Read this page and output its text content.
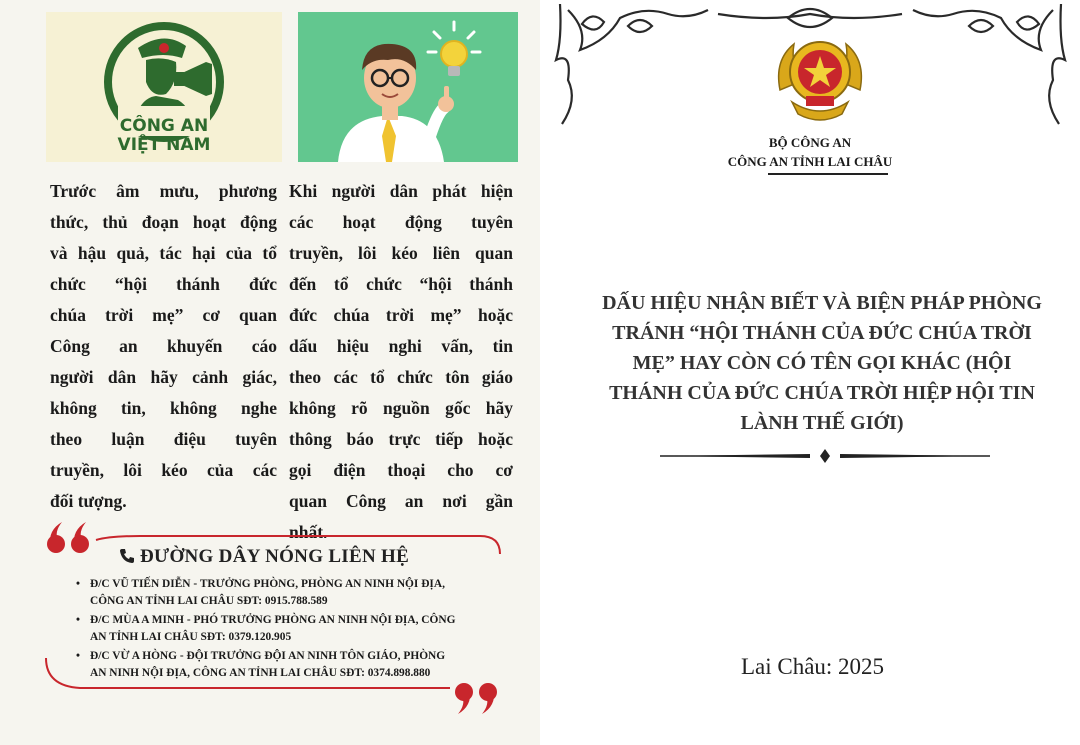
CÔNG AN
VIỆT NAM
Trước âm mưu, phương
thức, thủ đoạn hoạt động
và hậu quả, tác hại của tổ
chức “hội thánh đức
chúa trời mẹ” cơ quan
Công an khuyến cáo
người dân hãy cảnh giác,
không tin, không nghe
theo luận điệu tuyên
truyền, lôi kéo của các
đối tượng.
Khi người dân phát hiện
các hoạt động tuyên
truyền, lôi kéo liên quan
đến tổ chức “hội thánh
đức chúa trời mẹ” hoặc
dấu hiệu nghi vấn, tin
theo các tổ chức tôn giáo
không rõ nguồn gốc hãy
thông báo trực tiếp hoặc
gọi điện thoại cho cơ
quan Công an nơi gần
nhất.
ĐƯỜNG DÂY NÓNG LIÊN HỆ
• Đ/C VŨ TIẾN DIỄN - TRƯỞNG PHÒNG, PHÒNG AN NINH NỘI ĐỊA,
CÔNG AN TỈNH LAI CHÂU SĐT: 0915.788.589
• Đ/C MÙA A MINH - PHÓ TRƯỞNG PHÒNG AN NINH NỘI ĐỊA, CÔNG
AN TỈNH LAI CHÂU SĐT: 0379.120.905
• Đ/C VỪ A HÒNG - ĐỘI TRƯỞNG ĐỘI AN NINH TÔN GIÁO, PHÒNG
AN NINH NỘI ĐỊA, CÔNG AN TỈNH LAI CHÂU SĐT: 0374.898.880
BỘ CÔNG AN
CÔNG AN TỈNH LAI CHÂU
DẤU HIỆU NHẬN BIẾT VÀ BIỆN PHÁP PHÒNG
TRÁNH “HỘI THÁNH CỦA ĐỨC CHÚA TRỜI
MẸ” HAY CÒN CÓ TÊN GỌI KHÁC (HỘI
THÁNH CỦA ĐỨC CHÚA TRỜI HIỆP HỘI TIN
LÀNH THẾ GIỚI)
Lai Châu: 2025
